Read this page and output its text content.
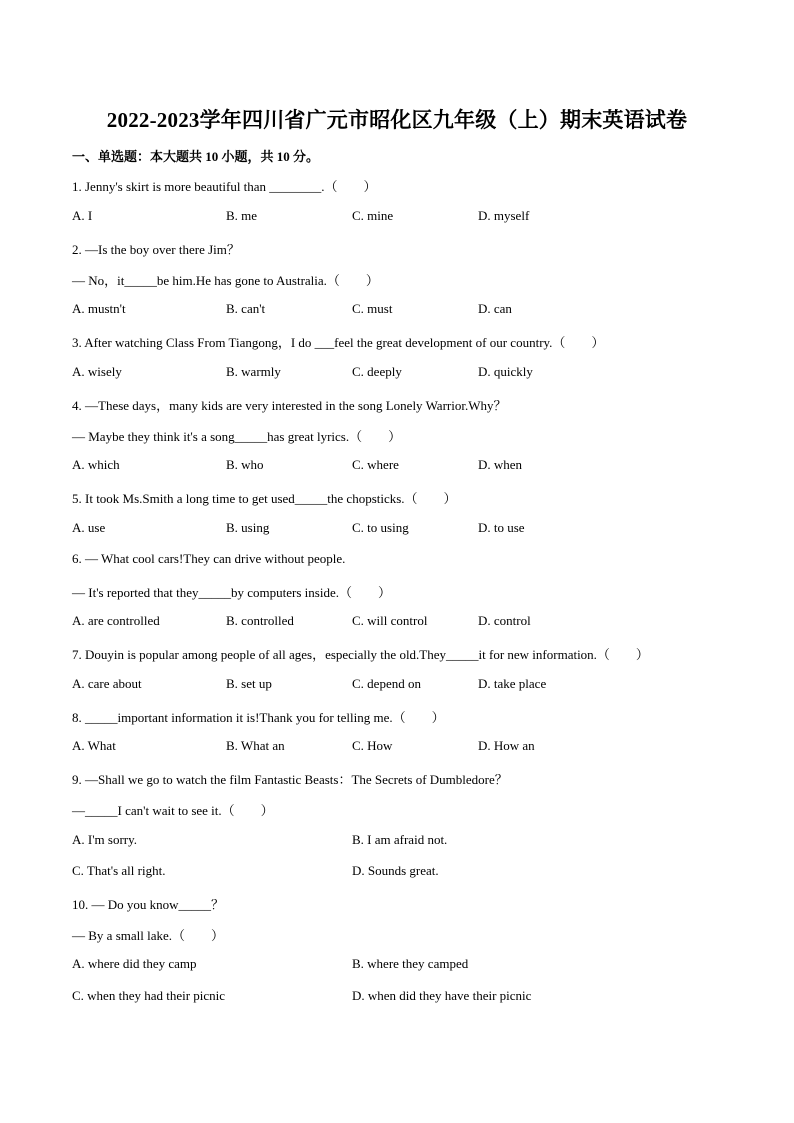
2022-2023学年四川省广元市昭化区九年级（上）期末英语试卷
一、单选题：本大题共 10 小题，共 10 分。
1. Jenny's skirt is more beautiful than ________.（　　）
A. I	B. me	C. mine	D. myself
2. —Is the boy over there Jim？
— No，it_____be him.He has gone to Australia.（　　）
A. mustn't	B. can't	C. must	D. can
3. After watching Class From Tiangong，I do ___feel the great development of our country.（　　）
A. wisely	B. warmly	C. deeply	D. quickly
4. —These days，many kids are very interested in the song Lonely Warrior.Why？
— Maybe they think it's a song_____has great lyrics.（　　）
A. which	B. who	C. where	D. when
5. It took Ms.Smith a long time to get used_____the chopsticks.（　　）
A. use	B. using	C. to using	D. to use
6. — What cool cars!They can drive without people.
— It's reported that they_____by computers inside.（　　）
A. are controlled	B. controlled	C. will control	D. control
7. Douyin is popular among people of all ages，especially the old.They_____it for new information.（　　）
A. care about	B. set up	C. depend on	D. take place
8. _____important information it is!Thank you for telling me.（　　）
A. What	B. What an	C. How	D. How an
9. —Shall we go to watch the film Fantastic Beasts：The Secrets of Dumbledore？
—_____I can't wait to see it.（　　）
A. I'm sorry.	B. I am afraid not.
C. That's all right.	D. Sounds great.
10. — Do you know_____？
— By a small lake.（　　）
A. where did they camp	B. where they camped
C. when they had their picnic	D. when did they have their picnic
